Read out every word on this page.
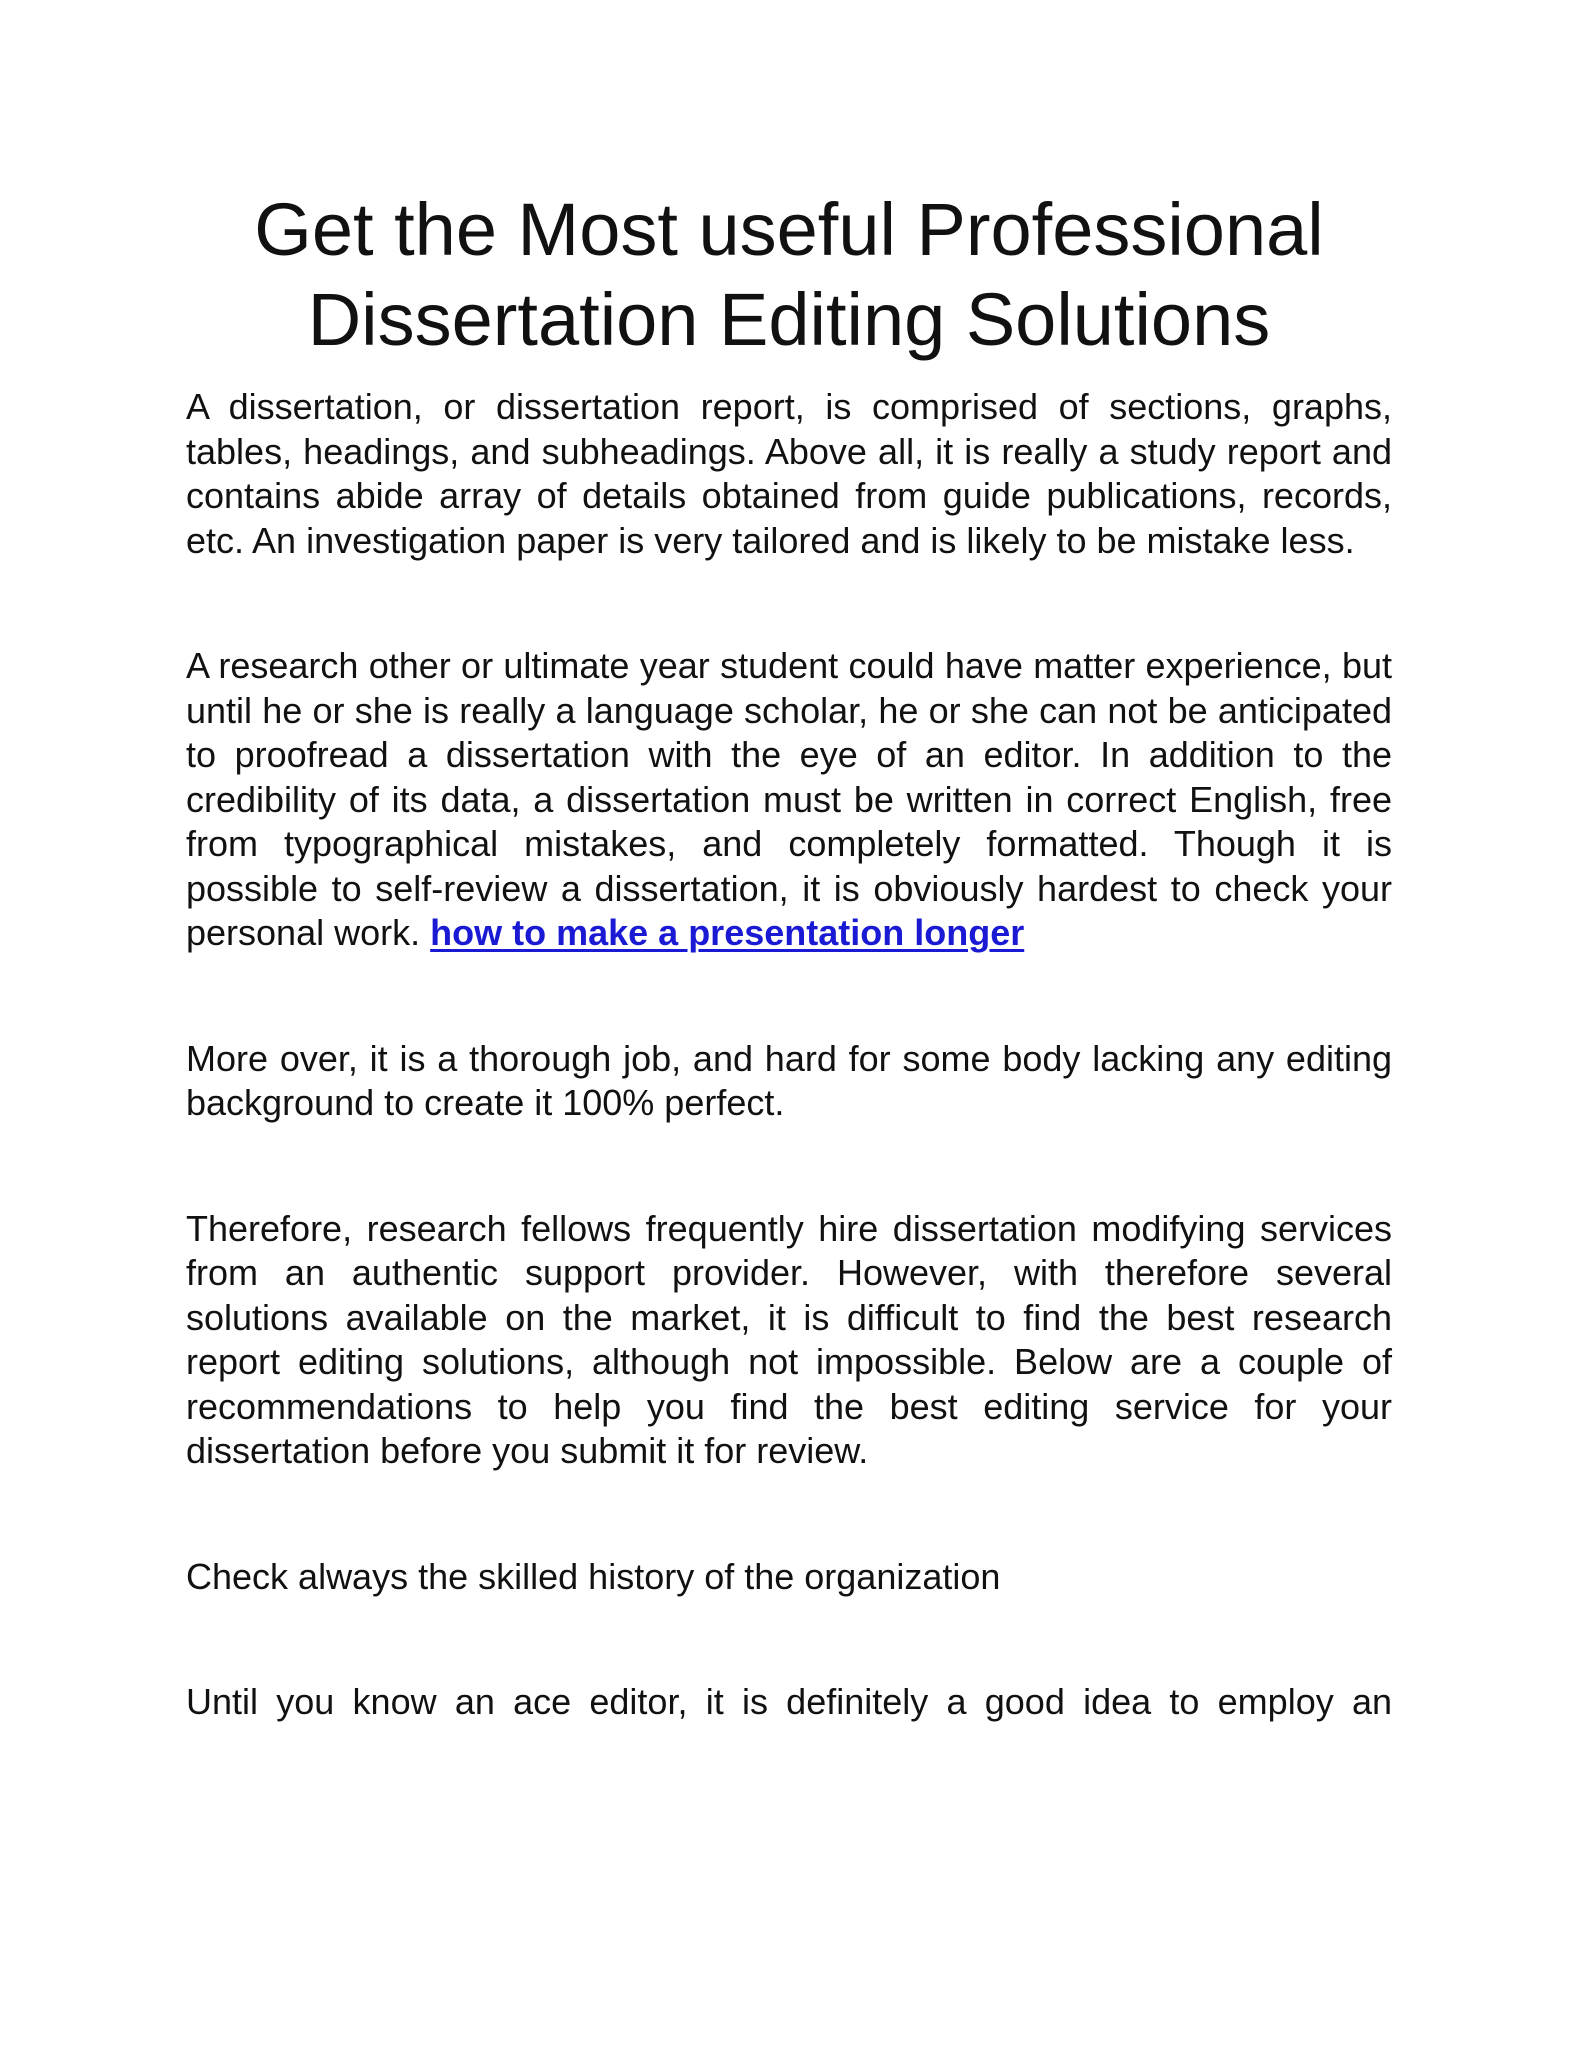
Get the Most useful Professional Dissertation Editing Solutions

A dissertation, or dissertation report, is comprised of sections, graphs, tables, headings, and subheadings. Above all, it is really a study report and contains abide array of details obtained from guide publications, records, etc. An investigation paper is very tailored and is likely to be mistake less.

A research other or ultimate year student could have matter experience, but until he or she is really a language scholar, he or she can not be anticipated to proofread a dissertation with the eye of an editor. In addition to the credibility of its data, a dissertation must be written in correct English, free from typographical mistakes, and completely formatted. Though it is possible to self-review a dissertation, it is obviously hardest to check your personal work. how to make a presentation longer

More over, it is a thorough job, and hard for some body lacking any editing background to create it 100% perfect.

Therefore, research fellows frequently hire dissertation modifying services from an authentic support provider. However, with therefore several solutions available on the market, it is difficult to find the best research report editing solutions, although not impossible. Below are a couple of recommendations to help you find the best editing service for your dissertation before you submit it for review.

Check always the skilled history of the organization

Until you know an ace editor, it is definitely a good idea to employ an
